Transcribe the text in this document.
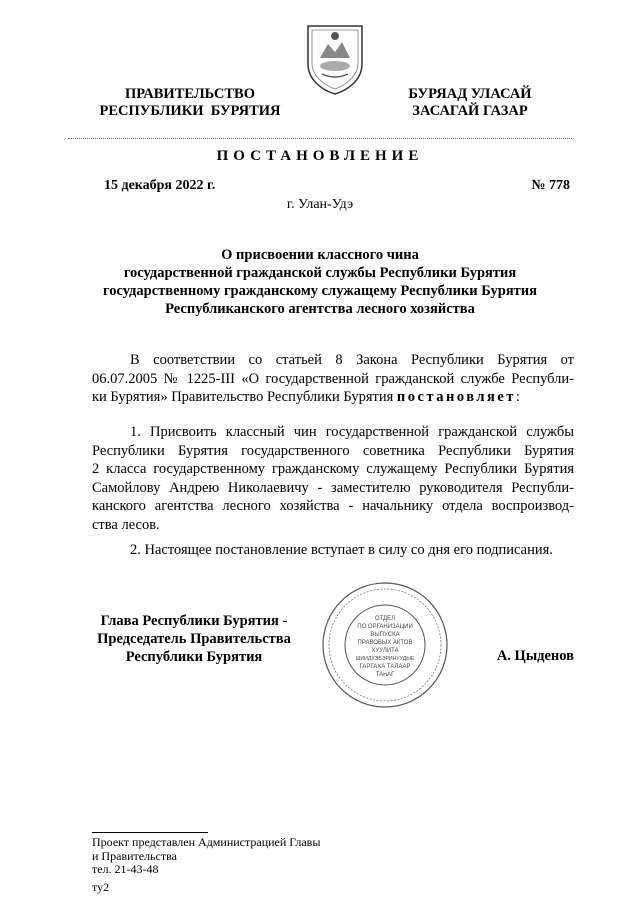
ПРАВИТЕЛЬСТВО
РЕСПУБЛИКИ  БУРЯТИЯ
БУРЯАД УЛАСАЙ
ЗАСАГАЙ ГАЗАР
ПОСТАНОВЛЕНИЕ
15 декабря 2022 г.	№ 778
г. Улан-Удэ
О присвоении классного чина
государственной гражданской службы Республики Бурятия
государственному гражданскому служащему Республики Бурятия
Республиканского агентства лесного хозяйства
В соответствии со статьей 8 Закона Республики Бурятия от
06.07.2005 № 1225-III «О государственной гражданской службе Республи-
ки Бурятия» Правительство Республики Бурятия постановляет:
1. Присвоить классный чин государственной гражданской службы
Республики Бурятия государственного советника Республики Бурятия
2 класса государственному гражданскому служащему Республики Бурятия
Самойлову Андрею Николаевичу - заместителю руководителя Республи-
канского агентства лесного хозяйства - начальнику отдела воспроизвод-
ства лесов.
2. Настоящее постановление вступает в силу со дня его подписания.
Глава Республики Бурятия -
Председатель Правительства
Республики Бурятия
ОТДЕЛ
ПО ОРГАНИЗАЦИИ
ВЫПУСКА
ПРАВОВЫХ АКТОВ
ХУУЛИТА
ШИИДХЭБЭРИНУУДЫЕ
ГАРГАХА ТАЛААР
ТАҺАГ
А. Цыденов
Проект представлен Администрацией Главы
и Правительства
тел. 21-43-48
ту2
